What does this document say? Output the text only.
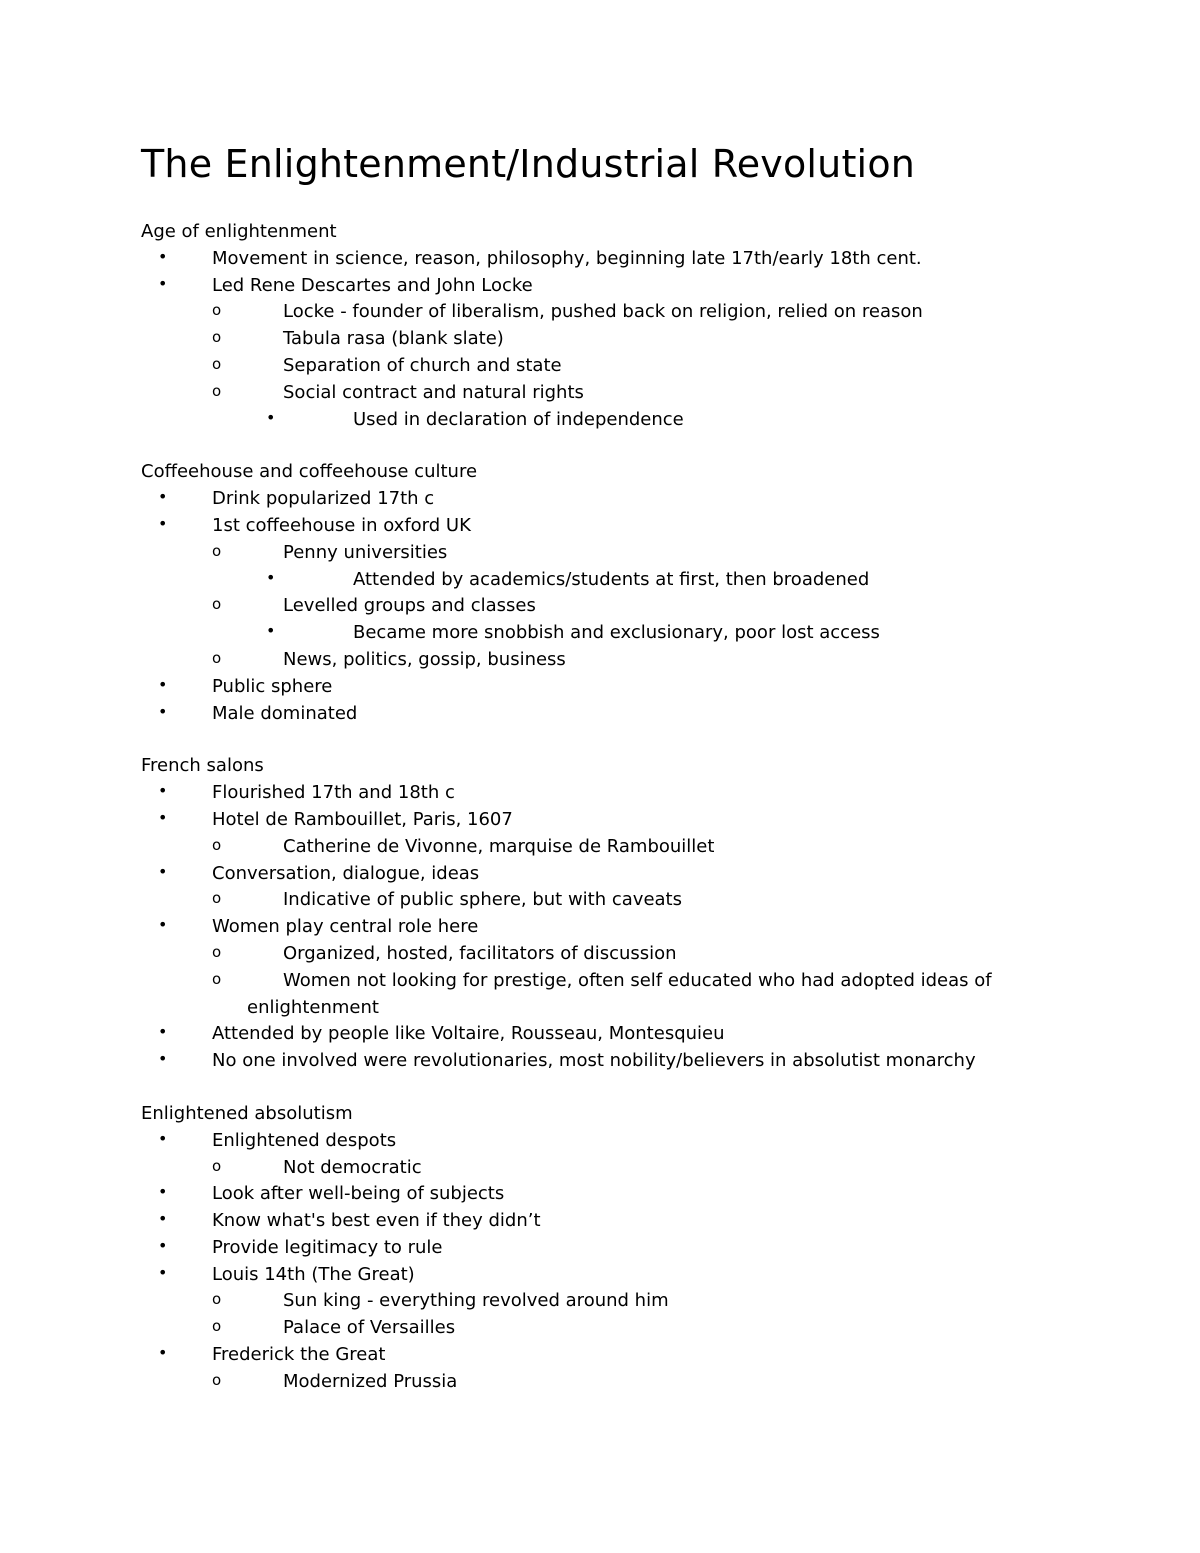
The Enlightenment/Industrial Revolution

Age of enlightenment

• Movement in science, reason, philosophy, beginning late 17th/early 18th cent.
• Led Rene Descartes and John Locke
o	Locke - founder of liberalism, pushed back on religion, relied on reason
o	Tabula rasa (blank slate)
o	Separation of church and state
o	Social contract and natural rights
•	Used in declaration of independence

Coffeehouse and coffeehouse culture

• Drink popularized 17th c
• 1st coffeehouse in oxford UK
o	Penny universities
•	Attended by academics/students at first, then broadened
o	Levelled groups and classes
•	Became more snobbish and exclusionary, poor lost access
o	News, politics, gossip, business
• Public sphere
• Male dominated

French salons

• Flourished 17th and 18th c
• Hotel de Rambouillet, Paris, 1607
o	Catherine de Vivonne, marquise de Rambouillet
• Conversation, dialogue, ideas
o	Indicative of public sphere, but with caveats
• Women play central role here
o	Organized, hosted, facilitators of discussion
o	Women not looking for prestige, often self educated who had adopted ideas of
enlightenment
• Attended by people like Voltaire, Rousseau, Montesquieu
• No one involved were revolutionaries, most nobility/believers in absolutist monarchy

Enlightened absolutism

• Enlightened despots
o	Not democratic
• Look after well-being of subjects
• Know what's best even if they didn’t
• Provide legitimacy to rule
• Louis 14th (The Great)
o	Sun king - everything revolved around him
o	Palace of Versailles
• Frederick the Great
o	Modernized Prussia
